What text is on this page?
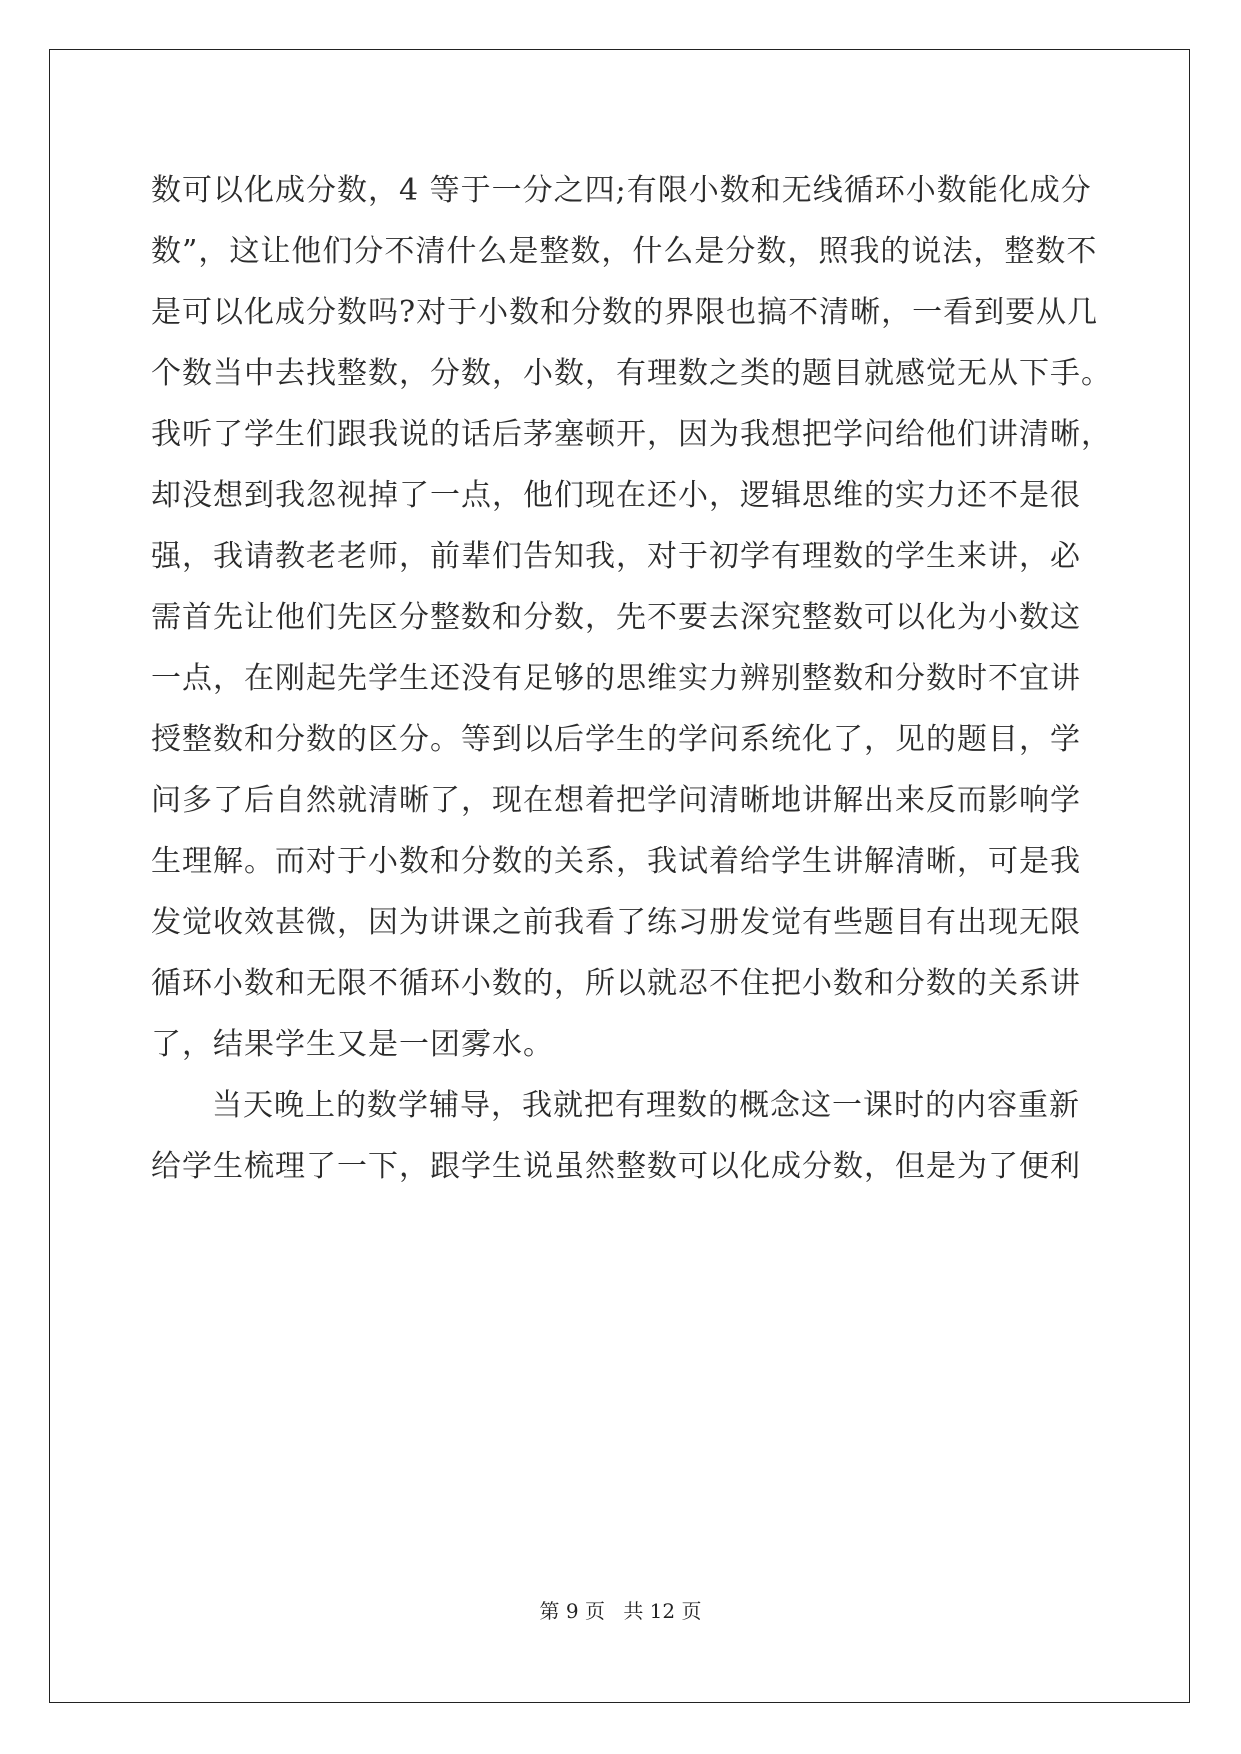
数可以化成分数，4 等于一分之四;有限小数和无线循环小数能化成分
数”，这让他们分不清什么是整数，什么是分数，照我的说法，整数不
是可以化成分数吗?对于小数和分数的界限也搞不清晰，一看到要从几
个数当中去找整数，分数，小数，有理数之类的题目就感觉无从下手。
我听了学生们跟我说的话后茅塞顿开，因为我想把学问给他们讲清晰，
却没想到我忽视掉了一点，他们现在还小，逻辑思维的实力还不是很
强，我请教老老师，前辈们告知我，对于初学有理数的学生来讲，必
需首先让他们先区分整数和分数，先不要去深究整数可以化为小数这
一点，在刚起先学生还没有足够的思维实力辨别整数和分数时不宜讲
授整数和分数的区分。等到以后学生的学问系统化了，见的题目，学
问多了后自然就清晰了，现在想着把学问清晰地讲解出来反而影响学
生理解。而对于小数和分数的关系，我试着给学生讲解清晰，可是我
发觉收效甚微，因为讲课之前我看了练习册发觉有些题目有出现无限
循环小数和无限不循环小数的，所以就忍不住把小数和分数的关系讲
了，结果学生又是一团雾水。
当天晚上的数学辅导，我就把有理数的概念这一课时的内容重新
给学生梳理了一下，跟学生说虽然整数可以化成分数，但是为了便利
第 9 页 共 12 页
